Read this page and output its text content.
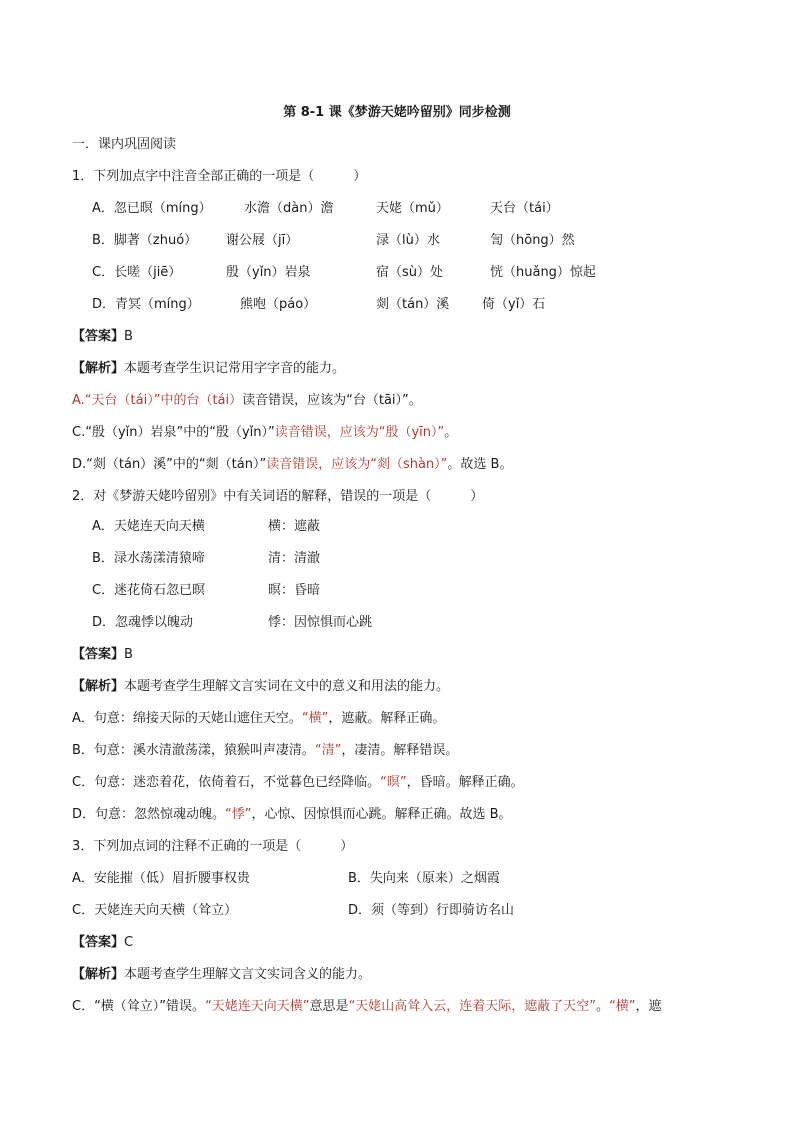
第 8-1 课《梦游天姥吟留别》同步检测
一．课内巩固阅读
1．下列加点字中注音全部正确的一项是（　　　）
A．忽已暝（míng） 水澹（dàn）澹	天姥（mǔ）	天台（tái）
B．脚著（zhuó） 谢公屐（jī）	渌（lù）水	訇（hōng）然
C．长嗟（jiē）	殷（yǐn）岩泉	宿（sù）处	恍（huǎng）惊起
D．青冥（míng）	熊咆（páo）	剡（tán）溪	倚（yǐ）石
【答案】B
【解析】本题考查学生识记常用字字音的能力。
A.“天台（tái）”中的台（tái）读音错误，应该为“台（tāi）”。
C.“殷（yǐn）岩泉”中的“殷（yǐn）”读音错误，应该为“殷（yīn）”。
D.“剡（tán）溪”中的“剡（tán）”读音错误，应该为“剡（shàn）”。故选 B。
2．对《梦游天姥吟留别》中有关词语的解释，错误的一项是（　　　）
A．天姥连天向天横	横：遮蔽
B．渌水荡漾清猿啼	清：清澈
C．迷花倚石忽已暝	暝：昏暗
D．忽魂悸以魄动	悸：因惊惧而心跳
【答案】B
【解析】本题考查学生理解文言实词在文中的意义和用法的能力。
A．句意：绵接天际的天姥山遮住天空。“横”，遮蔽。解释正确。
B．句意：溪水清澈荡漾，猿猴叫声凄清。“清”，凄清。解释错误。
C．句意：迷恋着花，依倚着石，不觉暮色已经降临。“暝”，昏暗。解释正确。
D．句意：忽然惊魂动魄。“悸”，心惊、因惊惧而心跳。解释正确。故选 B。
3．下列加点词的注释不正确的一项是（　　　）
A．安能摧（低）眉折腰事权贵	B．失向来（原来）之烟霞
C．天姥连天向天横（耸立）	D．须（等到）行即骑访名山
【答案】C
【解析】本题考查学生理解文言文实词含义的能力。
C．“横（耸立）”错误。“天姥连天向天横”意思是“天姥山高耸入云，连着天际，遮蔽了天空”。“横”，遮
